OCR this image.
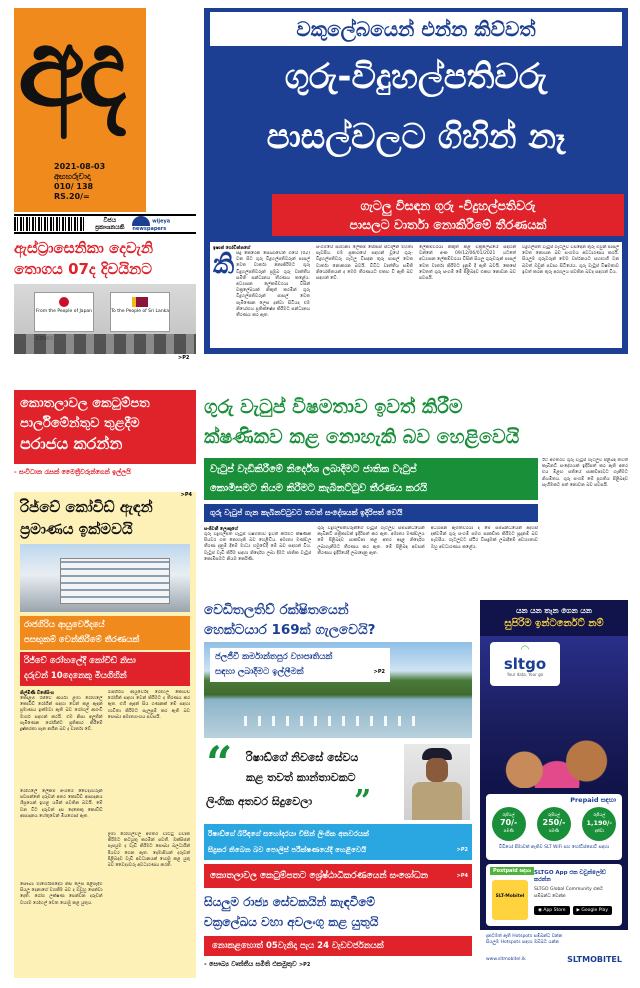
අද
2021-08-03
අඟහරුවාදා
010/ 138
RS.20/=
විජය
ප්‍රකාශනයකි
wijeya newspapers
ඇස්ට්‍රාසෙනිකා දෙවැනි
තොගය 07ද දිවයිනට
From the People of Japan	To the People of Sri Lanka
>P2
වකුලේබයෙන් එන්න කිව්වත්
ගුරු-විදුහල්පතිවරු
පාසල්වලට ගිහින් නෑ
ගැටලු විසඳන ගුරු -විදුහල්පතිවරු
පාසලට වාර්තා නොකිරීමේ තීරණයක්
ඉෂාන් ගෝවින්නගේ
කි සිදු කෙරෙන සොබාවෙන් ගයේ (02) වන සිට ගුරු විදුහල්පතිවරුන් පාසල් වෙත වාර්තා නොකිරීමට ගුරු විදුහල්පතිවරුන් ප්‍රමුඛ ගුරු වෘත්තීය සමිති සන්ධානය තීරණය කළේය. අධ්‍යාපන ලේකම්වරයා විසින් චක්‍රලේඛයක් නිකුත් කරමින් ගුරු විදුහල්පතිවරුන් පාසල් වෙත පැමිණෙන ලෙස දන්වා සිටියද එම නියෝගය ප්‍රතික්ෂේප කිරීමට සන්ධානය තීරණය කර ඇත.
සංගමයේ සාමාන්‍ය ලේකම් ජෝසප් ස්ටාලින් මහතා පැවසීය. එම ප්‍රකාශයේ සඳහන් වූයේ ගුරු-විදුහල්පතිවරු ගැටලු විසඳන තුරු පාසල් වෙත වාර්තා නොකරන බවයි. විවිධ වෘත්තීය සමිති නියෝජිතයන් ද මෙම තීරණයට එකඟ වී ඇති බව සඳහන් වේ.
ලේකම්වරයා නිකුත් කළ චක්‍රලේඛයේ සඳහන් වන්නේ අංක 09/12/06/01/2021 යටතේ අධ්‍යාපන ලේකම්වරයා විසින් සියලු ගුරුවරුන් පාසල් වෙත වාර්තා කිරීමට දැනුම් දී ඇති බවයි. කෙසේ වෙතත් ගුරු සංගම් මේ පිළිබඳව එකඟ නොවන බව පවසයි.
විදුහල්පති වැටුප් ගැටලුව විසඳෙන තුරු ඔවුන් පාසල් වෙත නොයන බව සංගමය අවධාරණය කරයි. සියලුම ගුරුවරුන් මෙම වර්ජනයට සහභාගි වන බවත් ඔවුන් පවසා සිටියේය. ගුරු වැටුප් විෂමතාව ඉවත් කරන තුරු අරගලය පවතින බවද සඳහන් විය.
කොතලාවල කෙටුම්පත
පාර්ලිමේන්තුව තුළදීම
පරාජය කරන්න
- සංවිධාන රැසක් මෛත්‍රීවරුන්ගෙන් ඉල්ලයි
ගුරු වැටුප් විෂමතාව ඉවත් කිරීම
ක්ෂණිකව කළ නොහැකි බව හෙළිවෙයි
වැටුප් වැඩිකිරීමේ නිර්දේශ ලබාදීමට ජාතික වැටුප්
කොමිසමට නියම කිරීමට කැබිනට්ටුව තීරණය කරයි
ගුරු වැටුප් ගැන කැබිනට්ටුවට තවත් සංදේශයක් ඉදිරිපත් වෙයි
සංජීවනී ලොකුගේ
ගුරු විදුහල්පති වැටුප් විෂමතාව ඉවත් කිරීමට ක්ෂණික පියවර ගත නොහැකි බව හෙළිවිය. අමාත්‍ය මණ්ඩල තීරණ දැනුම් දීමේ මාධ්‍ය හමුවේදී මේ බව සඳහන් විය. වැටුප් වැඩි කිරීම සඳහා නිර්දේශ ලබා දීමට ජාතික වැටුප් කොමිසමට නියම කෙරිණි.
ගුරු විදුහල්පතිවරුන්ගේ වැටුප් ගැටලුව සම්බන්ධයෙන් කැබිනට් පත්‍රිකාවක් ඉදිරිපත් කර ඇත. අමාත්‍ය මණ්ඩලය මේ පිළිබඳව සාකච්ඡා කළ අතර අදාළ නිර්දේශ ලබාගැනීමට තීරණය කර ඇත. මේ පිළිබඳ අවසන් තීරණය ඉදිරියේදී ලබාදෙනු ඇත.
අධ්‍යාපන ඇමතිවරයා ද මේ සම්බන්ධයෙන් අදහස් දක්වමින් ගුරු සංගම් සමග සාකච්ඡා කිරීමට සූදානම් බව පැවසීය. ගැටලුවට ස්ථිර විසඳුමක් ලබාදීමේ අවශ්‍යතාව ඔහු අවධාරණය කළේය.
ඊට අමතරව ගුරු වැටුප් ගැටලුව පිළිබඳ තවත් කැබිනට් සංදේශයක් ඉදිරිපත් කර ඇති අතර එය මීළඟ සතියේ සාකච්ඡාවට ගැනීමට නියමිතය. ගුරු සංගම් මේ ප්‍රගතිය පිළිබඳව සැහීමකට පත් නොවන බව පවසයි.
රිජ්වේ කෝවිඩ් ඇඳන්
ප්‍රමාණය ඉක්මවයි
රාජගිරිය ආයුර්වේදයේ
පසඟුකම් වෙන්කිරීමේ තීරණයක්
රිජ්වේ රෝහලේදී කෝවිඩ් නිසා
දරුවන් 10දෙනෙකු මියගිහින්
>P4
නිල්මිණී විජේසිංහ
කොළඹ රිජ්වේ ආර්යා ළමා රෝහලේ කොවිඩ් රෝගීන් සඳහා වෙන් කළ ඇඳන් ප්‍රමාණය ඉක්මවා ඇති බව රෝහල් ආරංචි මාර්ග සඳහන් කරයි. එම නිසා අලුතින් පැමිණෙන රෝගීන්ට ප්‍රතිකාර කිරීමේ දුෂ්කරතා පැන නගින බව ද වාර්තා වේ.
රෝහලේ ලේකම් අංශයේ වෛද්‍යවරුන් පවසන්නේ දරුවන් අතර කොවිඩ් ආසාදනය ශීඝ්‍රයෙන් ඉහළ යමින් පවතින බවයි. මේ වන විට දරුවන් දස දෙනෙකු කොවිඩ් ආසාදනය හේතුවෙන් මියගොස් ඇත.
සෞඛ්‍ය මාර්ගෝපදේශ නිසි ලෙස පිළිපැදීම සියලු දෙනාගේ වගකීම බව ද ඔවුහු පෙන්වා දෙති. රෝග ලක්ෂණ පෙන්වන දරුවන් වහාම රෝහල් වෙත යොමු කළ යුතුය.
රාජගිරිය ආයුර්වේද රෝහල කොවිඩ් රෝගීන් සඳහා වෙන් කිරීමට ද තීරණය කර ඇත. එහි ඇඳන් සිය ගණනක් මේ සඳහා භාවිතා කිරීමට සැලසුම් කර ඇති බව සෞඛ්‍ය අමාත්‍යාංශය පවසයි.
ළමා රෝහල්වල අමතර වාට්ටු විවෘත කිරීමට කටයුතු කරමින් පවතී. ඔක්සිජන් සැපයුම ද වැඩි කිරීමට සෞඛ්‍ය බලධාරීන් පියවර ගෙන ඇත. දෙමාපියන් දරුවන් පිළිබඳව වැඩි අවධානයක් යොමු කළ යුතු බව වෛද්‍යවරු අවධාරණය කරති.
වෙඩිතලතිව් රක්ෂිතයෙන්
හෙක්ටයාර 169ක් ගැලවෙයි?
ජලජීවී කර්මාන්තපුර ව්‍යාපෘතියක්
සඳහා ලබාදීමට ඉල්ලීමක්	>P2
“ රිෂාඩ්ගේ නිවසේ සේවය
කළ තවත් කාන්තාවකට
ලිංගික අතවර සිදුවෙලා ”
රිෂාඩ්ගේ බිරිඳගේ සහෝදරයා විසින් ලිංගික අතවරයක්
සිදුකර තිබෙන බව පොලිස් පරීක්ෂණයේදී හෙළිවෙයි	>P2
කොතලාවල කෙටුම්පතට ශ්‍රේෂ්ඨාධිකරණයෙන් සංශෝධන	>P4
සියලුම රාජ්‍ය සේවකයින් කැඳවීමේ
චක්‍රලේඛය වහා අවලංගු කළ යුතුයි
නොකළහොත් 05වැනිදා පැය 24 වැඩවර්ජනයක්
- සෞඛ්‍ය වෘත්තීය සමිති එකමුතුව >P2
යන යන තැන ගෙන යන
සුපිරිම ඉන්ටර්නෙට් නම්
◠
sltgo
Your data, Your go
Prepaid සඳහා
රුපියල්
70/-
පමණි
රුපියල්
250/-
පමණි
රුපියල්
1,190/-
දක්වා
වීඩියෝ සීමාවක් නැතිව SLT WiFi සහ හෝට්ස්පොට් සඳහා
Postpaid සඳහා
SLT-Mobitel
SLTGO App එක ඩවුන්ලෝඩ් කරන්න
SLTGO Global Community එකට සම්බන්ධ වෙන්න
◉ App Store	▶ Google Play
දැනටමත් ඇති Hotspots සම්බන්ධ වන්න
සියලුම Hotspots සඳහා ඔබ්බට යන්න
www.sltmobitel.lk	SLTMOBITEL
